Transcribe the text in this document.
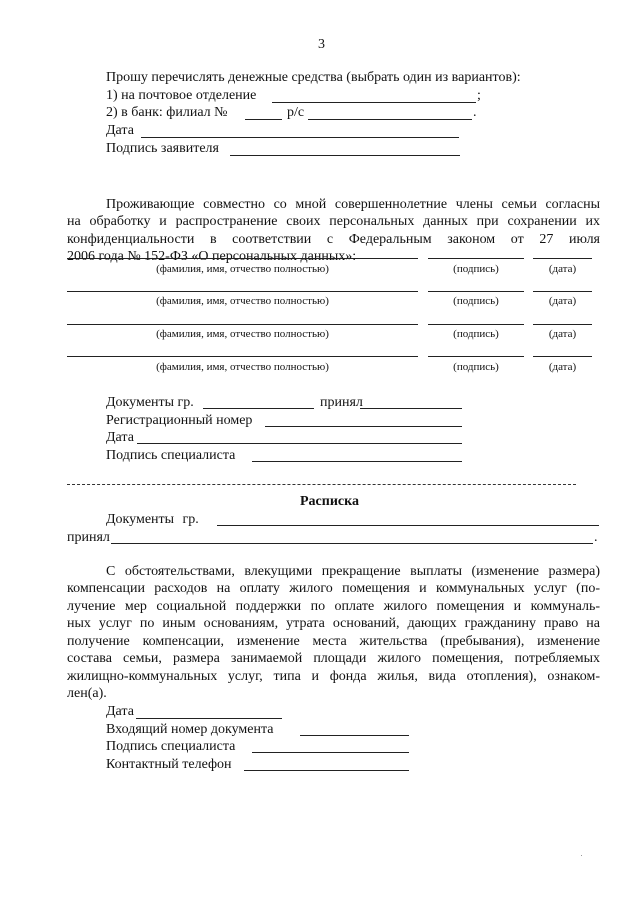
3
Прошу перечислять денежные средства (выбрать один из вариантов):
1) на почтовое отделение	;
2) в банк: филиал №	р/с	.
Дата
Подпись заявителя
Проживающие совместно со мной совершеннолетние члены семьи согласны
на обработку и распространение своих персональных данных при сохранении их
конфиденциальности в соответствии с Федеральным законом от 27 июля
2006 года № 152-ФЗ «О персональных данных»:
(фамилия, имя, отчество полностью)	(подпись)	(дата)
(фамилия, имя, отчество полностью)	(подпись)	(дата)
(фамилия, имя, отчество полностью)	(подпись)	(дата)
(фамилия, имя, отчество полностью)	(подпись)	(дата)
Документы гр.	принял
Регистрационный номер
Дата
Подпись специалиста
Расписка
Документы гр.
принял	.
С обстоятельствами, влекущими прекращение выплаты (изменение размера)
компенсации расходов на оплату жилого помещения и коммунальных услуг (по-
лучение мер социальной поддержки по оплате жилого помещения и коммуналь-
ных услуг по иным основаниям, утрата оснований, дающих гражданину право на
получение компенсации, изменение места жительства (пребывания), изменение
состава семьи, размера занимаемой площади жилого помещения, потребляемых
жилищно-коммунальных услуг, типа и фонда жилья, вида отопления), ознаком-
лен(а).
Дата
Входящий номер документа
Подпись специалиста
Контактный телефон
